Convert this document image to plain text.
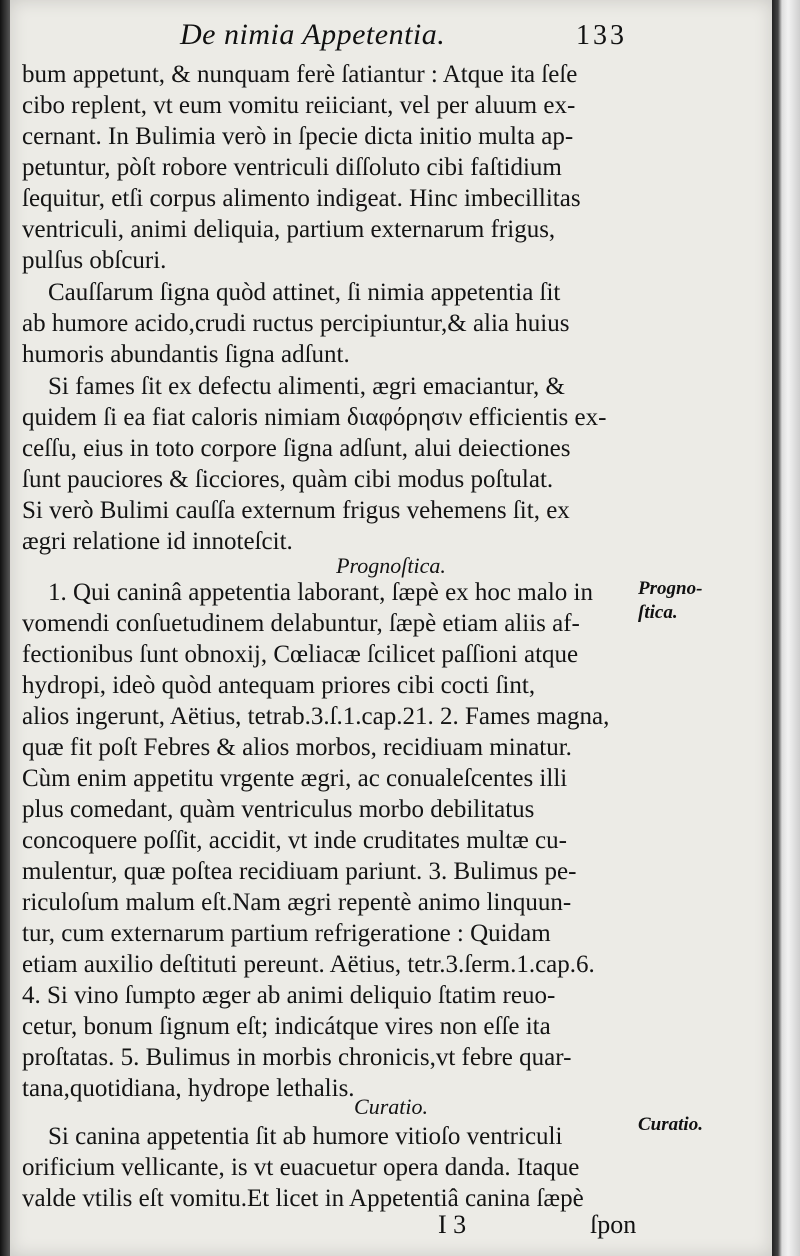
De nimia Appetentia.	133
bum appetunt, & nunquam ferè ſatiantur : Atque ita ſeſe
cibo replent, vt eum vomitu reiiciant, vel per aluum ex-
cernant. In Bulimia verò in ſpecie dicta initio multa ap-
petuntur, pòſt robore ventriculi diſſoluto cibi faſtidium
ſequitur, etſi corpus alimento indigeat. Hinc imbecillitas
ventriculi, animi deliquia, partium externarum frigus,
pulſus obſcuri.
Cauſſarum ſigna quòd attinet, ſi nimia appetentia ſit
ab humore acido,crudi ructus percipiuntur,& alia huius
humoris abundantis ſigna adſunt.
Si fames ſit ex defectu alimenti, ægri emaciantur, &
quidem ſi ea fiat caloris nimiam διαφόρησιν efficientis ex-
ceſſu, eius in toto corpore ſigna adſunt, alui deiectiones
ſunt pauciores & ſicciores, quàm cibi modus poſtulat.
Si verò Bulimi cauſſa externum frigus vehemens ſit, ex
ægri relatione id innoteſcit.
Prognoſtica.
1. Qui caninâ appetentia laborant, ſæpè ex hoc malo in
vomendi conſuetudinem delabuntur, ſæpè etiam aliis af-
fectionibus ſunt obnoxij, Cœliacæ ſcilicet paſſioni atque
hydropi, ideò quòd antequam priores cibi cocti ſint,
alios ingerunt, Aëtius, tetrab.3.ſ.1.cap.21. 2. Fames magna,
quæ fit poſt Febres & alios morbos, recidiuam minatur.
Cùm enim appetitu vrgente ægri, ac conualeſcentes illi
plus comedant, quàm ventriculus morbo debilitatus
concoquere poſſit, accidit, vt inde cruditates multæ cu-
mulentur, quæ poſtea recidiuam pariunt. 3. Bulimus pe-
riculoſum malum eſt.Nam ægri repentè animo linquun-
tur, cum externarum partium refrigeratione : Quidam
etiam auxilio deſtituti pereunt. Aëtius, tetr.3.ſerm.1.cap.6.
4. Si vino ſumpto æger ab animi deliquio ſtatim reuo-
cetur, bonum ſignum eſt; indicátque vires non eſſe ita
proſtatas. 5. Bulimus in morbis chronicis,vt febre quar-
tana,quotidiana, hydrope lethalis.
Curatio.
Si canina appetentia ſit ab humore vitioſo ventriculi
orificium vellicante, is vt euacuetur opera danda. Itaque
valde vtilis eſt vomitu.Et licet in Appetentiâ canina ſæpè
Progno-
ſtica.
Curatio.
I 3	ſpon
